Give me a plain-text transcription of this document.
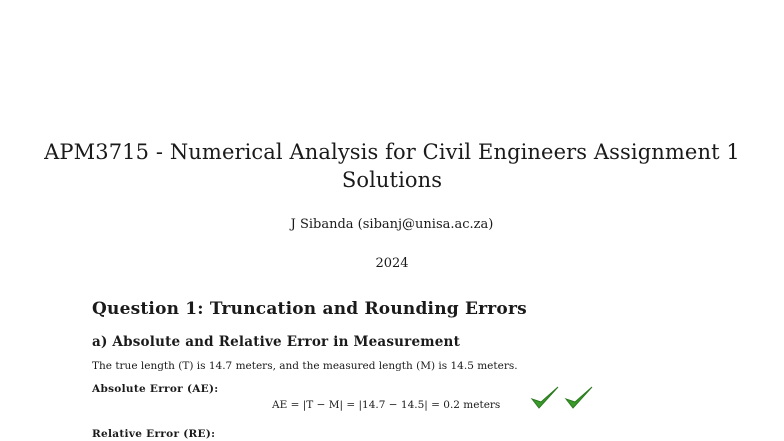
APM3715 - Numerical Analysis for Civil Engineers Assignment 1
Solutions
J Sibanda (sibanj@unisa.ac.za)
2024
Question 1: Truncation and Rounding Errors
a) Absolute and Relative Error in Measurement
The true length (T) is 14.7 meters, and the measured length (M) is 14.5 meters.
Absolute Error (AE):
AE = |T − M| = |14.7 − 14.5| = 0.2 meters
Relative Error (RE):
